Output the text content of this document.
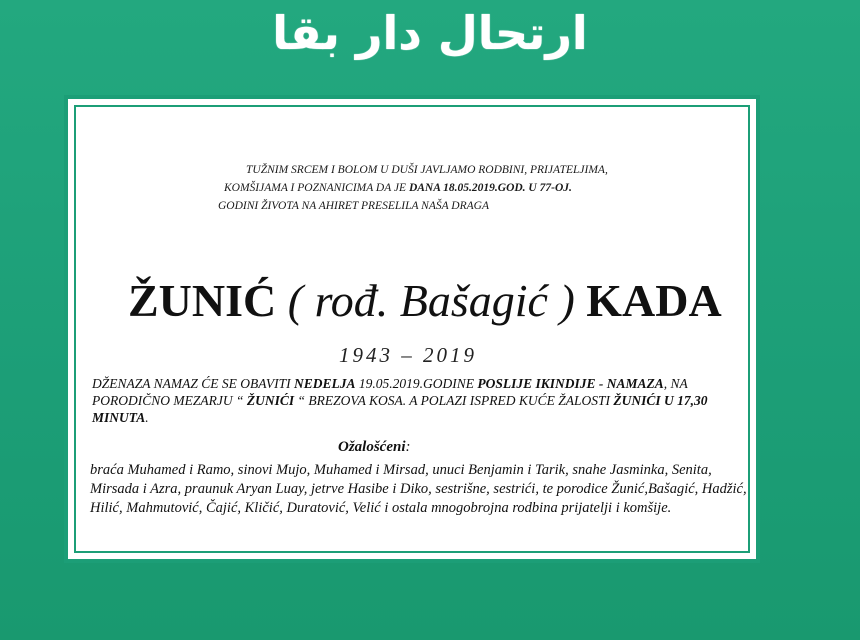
ارتحال دار بقا
TUŽNIM SRCEM I BOLOM U DUŠI JAVLJAMO RODBINI, PRIJATELJIMA,
KOMŠIJAMA I POZNANICIMA DA JE DANA 18.05.2019.GOD. U 77-OJ.
GODINI ŽIVOTA NA AHIRET PRESELILA NAŠA DRAGA
ŽUNIĆ ( rođ. Bašagić ) KADA
1943 – 2019
DŽENAZA NAMAZ ĆE SE OBAVITI NEDELJA 19.05.2019.GODINE POSLIJE IKINDIJE - NAMAZA, NA PORODIČNO MEZARJU “ ŽUNIĆI “ BREZOVA KOSA. A POLAZI ISPRED KUĆE ŽALOSTI ŽUNIĆI U 17,30 MINUTA.
Ožalošćeni:
braća Muhamed i Ramo, sinovi Mujo, Muhamed i Mirsad, unuci Benjamin i Tarik, snahe Jasminka, Senita, Mirsada i Azra, praunuk Aryan Luay, jetrve Hasibe i Diko, sestrišne, sestrići, te porodice Žunić,Bašagić, Hadžić, Hilić, Mahmutović, Čajić, Kličić, Duratović, Velić i ostala mnogobrojna rodbina prijatelji i komšije.
